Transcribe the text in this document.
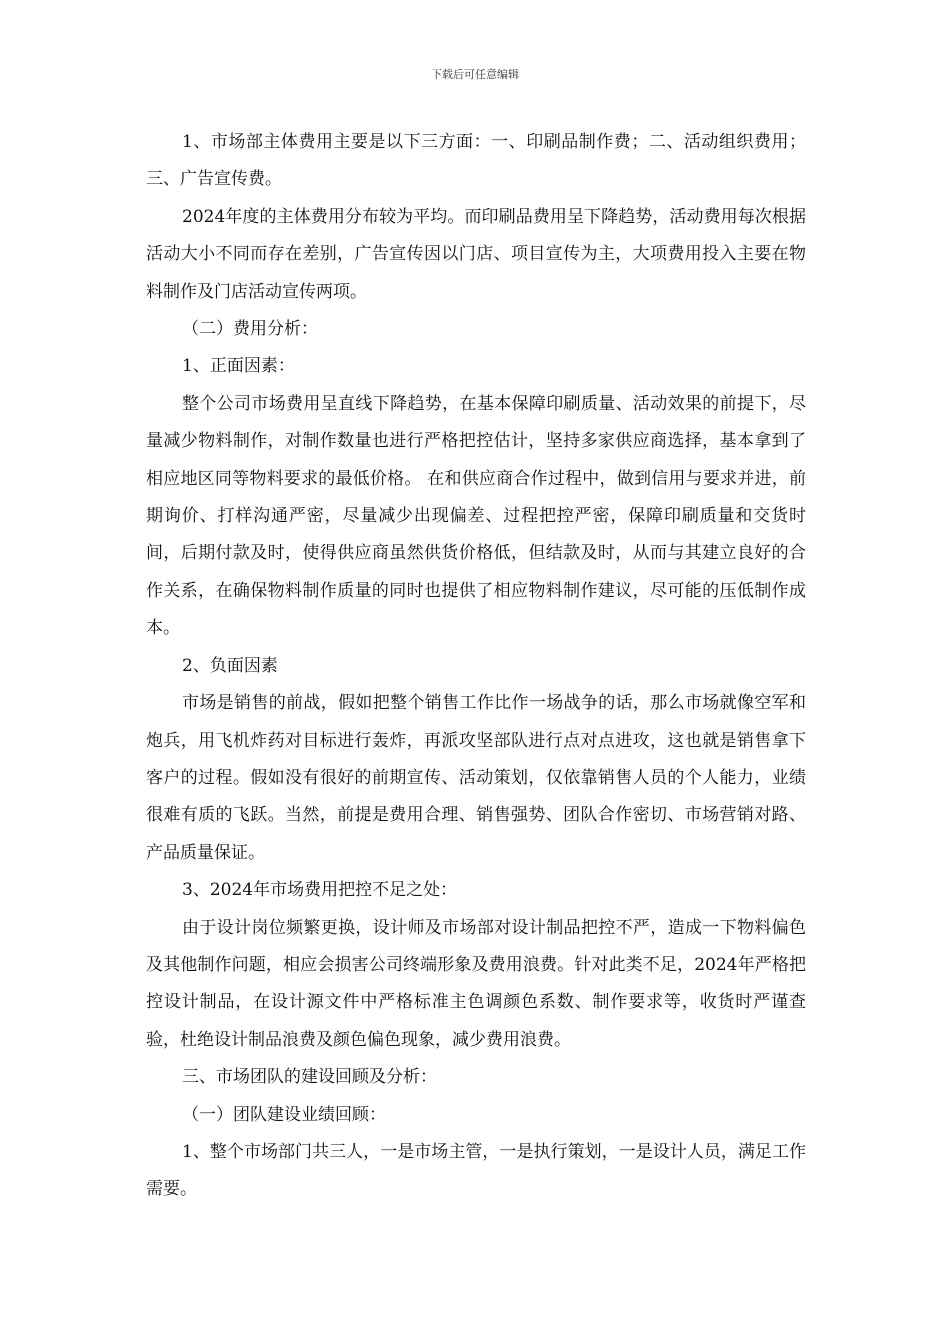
下载后可任意编辑

1、市场部主体费用主要是以下三方面：一、印刷品制作费；二、活动组织费用；三、广告宣传费。

2024年度的主体费用分布较为平均。而印刷品费用呈下降趋势，活动费用每次根据活动大小不同而存在差别，广告宣传因以门店、项目宣传为主，大项费用投入主要在物料制作及门店活动宣传两项。

（二）费用分析：

1、正面因素：

整个公司市场费用呈直线下降趋势，在基本保障印刷质量、活动效果的前提下，尽量减少物料制作，对制作数量也进行严格把控估计，坚持多家供应商选择，基本拿到了相应地区同等物料要求的最低价格。 在和供应商合作过程中，做到信用与要求并进，前期询价、打样沟通严密，尽量减少出现偏差、过程把控严密，保障印刷质量和交货时间，后期付款及时，使得供应商虽然供货价格低，但结款及时，从而与其建立良好的合作关系，在确保物料制作质量的同时也提供了相应物料制作建议，尽可能的压低制作成本。

2、负面因素

市场是销售的前战，假如把整个销售工作比作一场战争的话，那么市场就像空军和炮兵，用飞机炸药对目标进行轰炸，再派攻坚部队进行点对点进攻，这也就是销售拿下客户的过程。假如没有很好的前期宣传、活动策划，仅依靠销售人员的个人能力，业绩很难有质的飞跃。当然，前提是费用合理、销售强势、团队合作密切、市场营销对路、产品质量保证。

3、2024年市场费用把控不足之处：

由于设计岗位频繁更换，设计师及市场部对设计制品把控不严，造成一下物料偏色及其他制作问题，相应会损害公司终端形象及费用浪费。针对此类不足，2024年严格把控设计制品，在设计源文件中严格标准主色调颜色系数、制作要求等，收货时严谨查验，杜绝设计制品浪费及颜色偏色现象，减少费用浪费。

三、市场团队的建设回顾及分析：

（一）团队建设业绩回顾：

1、整个市场部门共三人，一是市场主管，一是执行策划，一是设计人员，满足工作需要。
